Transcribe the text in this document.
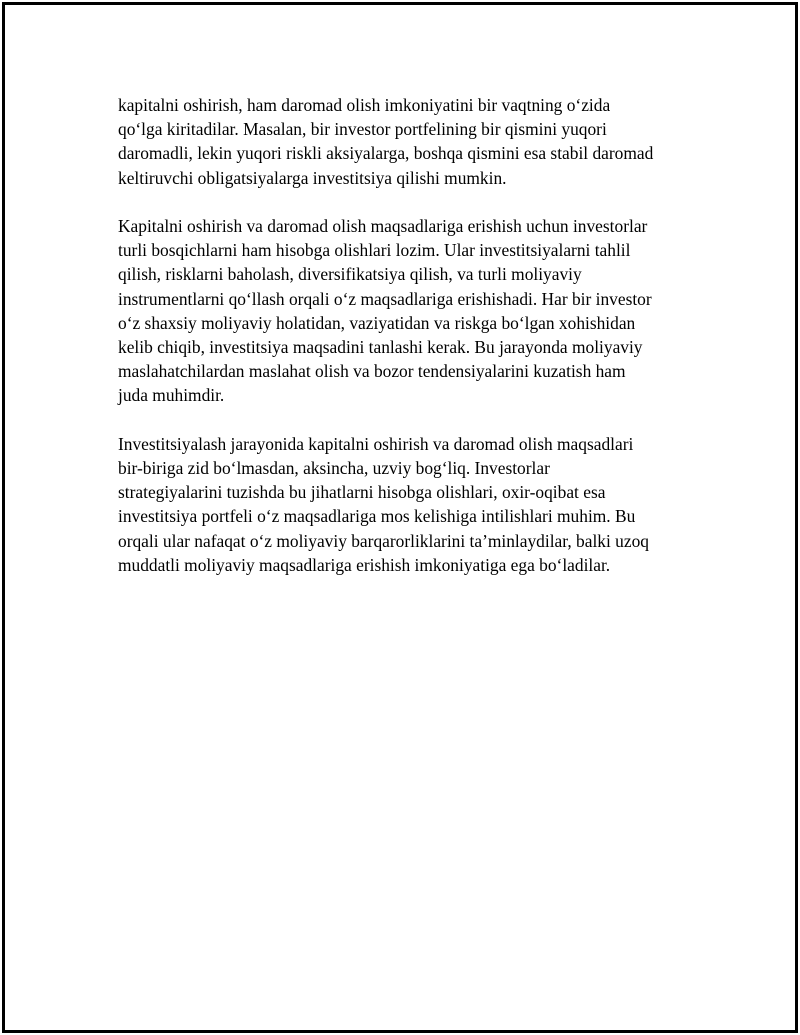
kapitalni oshirish, ham daromad olish imkoniyatini bir vaqtning o‘zida
qo‘lga kiritadilar. Masalan, bir investor portfelining bir qismini yuqori
daromadli, lekin yuqori riskli aksiyalarga, boshqa qismini esa stabil daromad
keltiruvchi obligatsiyalarga investitsiya qilishi mumkin.

Kapitalni oshirish va daromad olish maqsadlariga erishish uchun investorlar
turli bosqichlarni ham hisobga olishlari lozim. Ular investitsiyalarni tahlil
qilish, risklarni baholash, diversifikatsiya qilish, va turli moliyaviy
instrumentlarni qo‘llash orqali o‘z maqsadlariga erishishadi. Har bir investor
o‘z shaxsiy moliyaviy holatidan, vaziyatidan va riskga bo‘lgan xohishidan
kelib chiqib, investitsiya maqsadini tanlashi kerak. Bu jarayonda moliyaviy
maslahatchilardan maslahat olish va bozor tendensiyalarini kuzatish ham
juda muhimdir.

Investitsiyalash jarayonida kapitalni oshirish va daromad olish maqsadlari
bir-biriga zid bo‘lmasdan, aksincha, uzviy bog‘liq. Investorlar
strategiyalarini tuzishda bu jihatlarni hisobga olishlari, oxir-oqibat esa
investitsiya portfeli o‘z maqsadlariga mos kelishiga intilishlari muhim. Bu
orqali ular nafaqat o‘z moliyaviy barqarorliklarini ta’minlaydilar, balki uzoq
muddatli moliyaviy maqsadlariga erishish imkoniyatiga ega bo‘ladilar.
